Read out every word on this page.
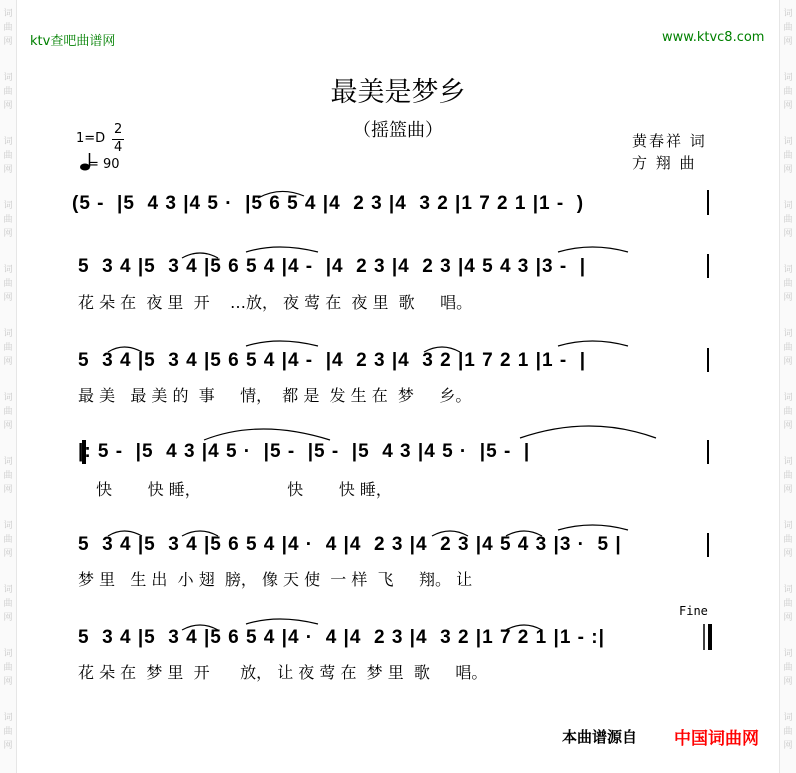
ktv查吧曲谱网	www.ktvc8.com
最美是梦乡
（摇篮曲）
1=D
2
4
= 90
黄春祥 词
方 翔 曲
(5 -  |5  4 3 |4 5 ·  |5 6 5 4 |4  2 3 |4  3 2 |1 7 2 1 |1 -  )
5  3 4 |5  3 4 |5 6 5 4 |4 -  |4  2 3 |4  2 3 |4 5 4 3 |3 -  |
花 朵 在  夜 里  开    …放， 夜 莺 在  夜 里  歌     唱。
5  3 4 |5  3 4 |5 6 5 4 |4 -  |4  2 3 |4  3 2 |1 7 2 1 |1 -  |
最 美   最 美 的  事     情，  都 是  发 生 在  梦     乡。
|: 5 -  |5  4 3 |4 5 ·  |5 -  |5 -  |5  4 3 |4 5 ·  |5 -  |
快       快 睡，                 快       快 睡，
5  3 4 |5  3 4 |5 6 5 4 |4 ·  4 |4  2 3 |4  2 3 |4 5 4 3 |3 ·  5 |
梦 里   生 出  小 翅  膀， 像 天 使  一 样  飞     翔。 让
Fine
5  3 4 |5  3 4 |5 6 5 4 |4 ·  4 |4  2 3 |4  3 2 |1 7 2 1 |1 - :|
花 朵 在  梦 里  开      放， 让 夜 莺 在  梦 里  歌     唱。
本曲谱源自 中国词曲网
词
曲
网
词
曲
网
词
曲
网
词
曲
网
词
曲
网
词
曲
网
词
曲
网
词
曲
网
词
曲
网
词
曲
网
词
曲
网
词
曲
网
词
曲
网
词
曲
网
词
曲
网
词
曲
网
词
曲
网
词
曲
网
词
曲
网
词
曲
网
词
曲
网
词
曲
网
词
曲
网
词
曲
网
